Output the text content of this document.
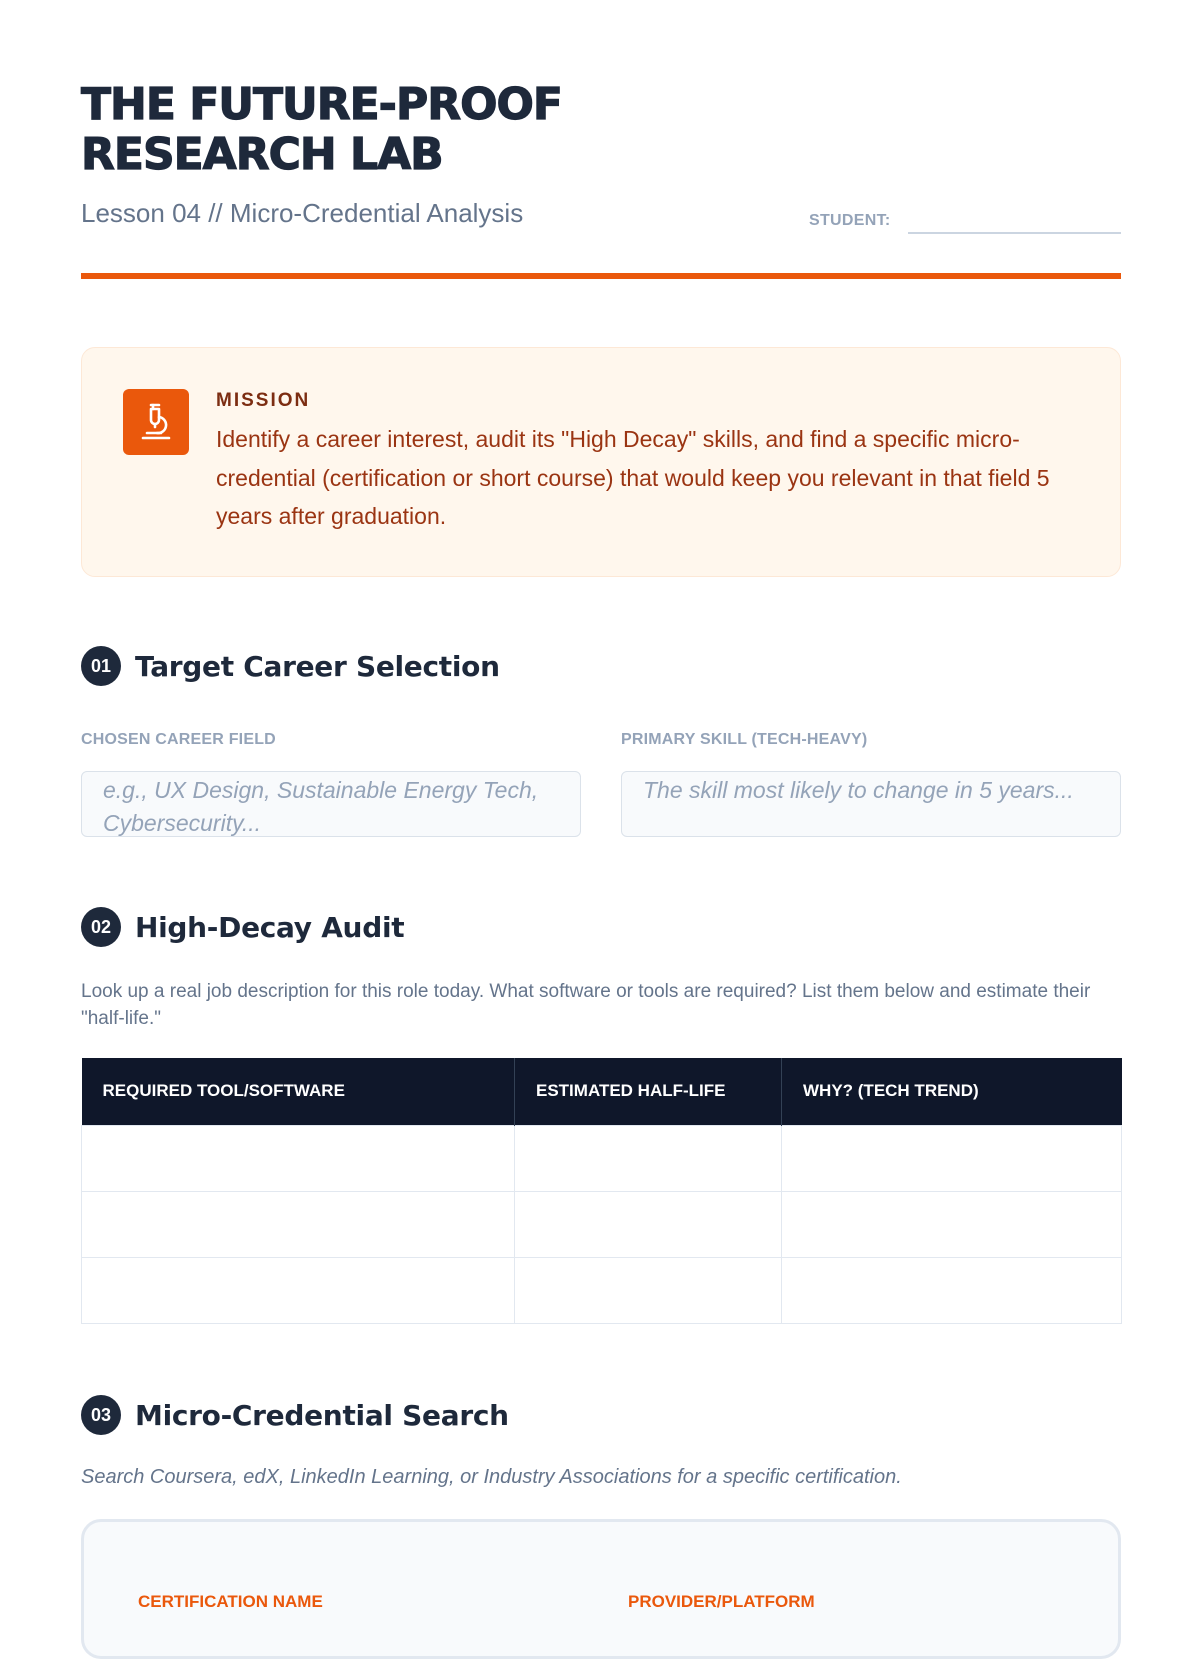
THE FUTURE-PROOF
RESEARCH LAB
Lesson 04 // Micro-Credential Analysis	STUDENT:
MISSION

Identify a career interest, audit its "High Decay" skills, and find a specific micro-credential (certification or short course) that would keep you relevant in that field 5 years after graduation.

01 Target Career Selection
CHOSEN CAREER FIELD
e.g., UX Design, Sustainable Energy Tech, Cybersecurity...
PRIMARY SKILL (TECH-HEAVY)
The skill most likely to change in 5 years...
02 High-Decay Audit

Look up a real job description for this role today. What software or tools are required? List them below and estimate their "half-life."

REQUIRED TOOL/SOFTWARE	ESTIMATED HALF-LIFE	WHY? (TECH TREND)

03 Micro-Credential Search

Search Coursera, edX, LinkedIn Learning, or Industry Associations for a specific certification.

CERTIFICATION NAME	PROVIDER/PLATFORM
